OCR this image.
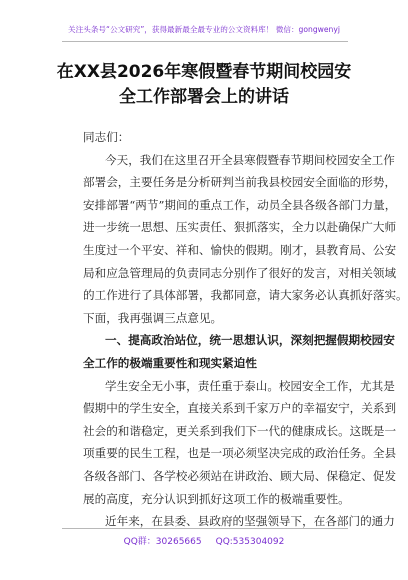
关注头条号“公文研究”，获得最新最全最专业的公文资料库！ 微信：gongwenyj
在XX县2026年寒假暨春节期间校园安
全工作部署会上的讲话
同志们：
今天，我们在这里召开全县寒假暨春节期间校园安全工作
部署会，主要任务是分析研判当前我县校园安全面临的形势，
安排部署“两节”期间的重点工作，动员全县各级各部门力量，
进一步统一思想、压实责任、狠抓落实，全力以赴确保广大师
生度过一个平安、祥和、愉快的假期。刚才，县教育局、公安
局和应急管理局的负责同志分别作了很好的发言，对相关领域
的工作进行了具体部署，我都同意，请大家务必认真抓好落实。
下面，我再强调三点意见。
一、提高政治站位，统一思想认识，深刻把握假期校园安
全工作的极端重要性和现实紧迫性
学生安全无小事，责任重于泰山。校园安全工作，尤其是
假期中的学生安全，直接关系到千家万户的幸福安宁，关系到
社会的和谐稳定，更关系到我们下一代的健康成长。这既是一
项重要的民生工程，也是一项必须坚决完成的政治任务。全县
各级各部门、各学校必须站在讲政治、顾大局、保稳定、促发
展的高度，充分认识到抓好这项工作的极端重要性。
近年来，在县委、县政府的坚强领导下，在各部门的通力
QQ群：30265665 QQ:535304092
